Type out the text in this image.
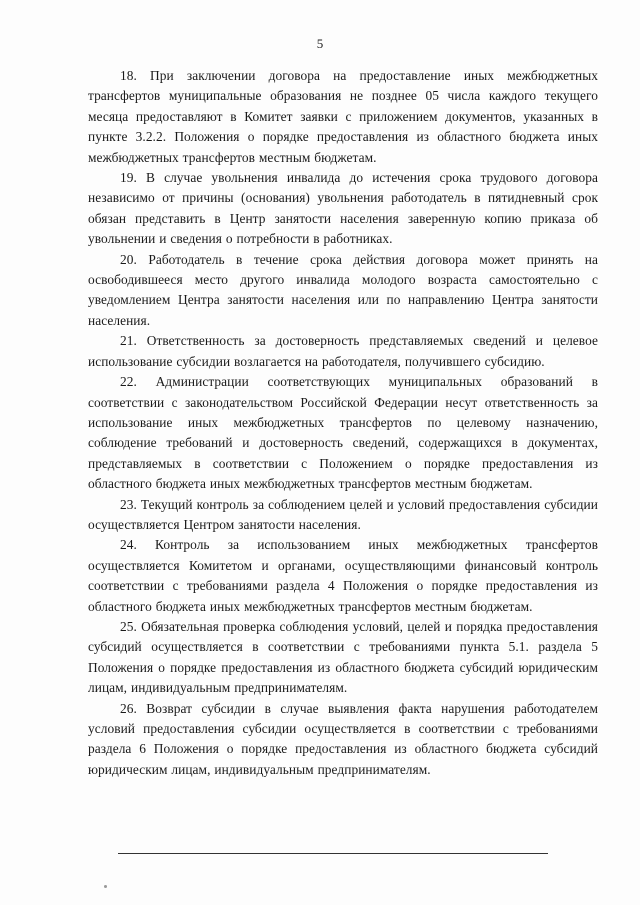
5

18. При заключении договора на предоставление иных межбюджетных трансфертов муниципальные образования не позднее 05 числа каждого текущего месяца предоставляют в Комитет заявки с приложением документов, указанных в пункте 3.2.2. Положения о порядке предоставления из областного бюджета иных межбюджетных трансфертов местным бюджетам.

19. В случае увольнения инвалида до истечения срока трудового договора независимо от причины (основания) увольнения работодатель в пятидневный срок обязан представить в Центр занятости населения заверенную копию приказа об увольнении и сведения о потребности в работниках.

20. Работодатель в течение срока действия договора может принять на освободившееся место другого инвалида молодого возраста самостоятельно с уведомлением Центра занятости населения или по направлению Центра занятости населения.

21. Ответственность за достоверность представляемых сведений и целевое использование субсидии возлагается на работодателя, получившего субсидию.

22. Администрации соответствующих муниципальных образований в соответствии с законодательством Российской Федерации несут ответственность за использование иных межбюджетных трансфертов по целевому назначению, соблюдение требований и достоверность сведений, содержащихся в документах, представляемых в соответствии с Положением о порядке предоставления из областного бюджета иных межбюджетных трансфертов местным бюджетам.

23. Текущий контроль за соблюдением целей и условий предоставления субсидии осуществляется Центром занятости населения.

24. Контроль за использованием иных межбюджетных трансфертов осуществляется Комитетом и органами, осуществляющими финансовый контроль соответствии с требованиями раздела 4 Положения о порядке предоставления из областного бюджета иных межбюджетных трансфертов местным бюджетам.

25. Обязательная проверка соблюдения условий, целей и порядка предоставления субсидий осуществляется в соответствии с требованиями пункта 5.1. раздела 5 Положения о порядке предоставления из областного бюджета субсидий юридическим лицам, индивидуальным предпринимателям.

26. Возврат субсидии в случае выявления факта нарушения работодателем условий предоставления субсидии осуществляется в соответствии с требованиями раздела 6 Положения о порядке предоставления из областного бюджета субсидий юридическим лицам, индивидуальным предпринимателям.
